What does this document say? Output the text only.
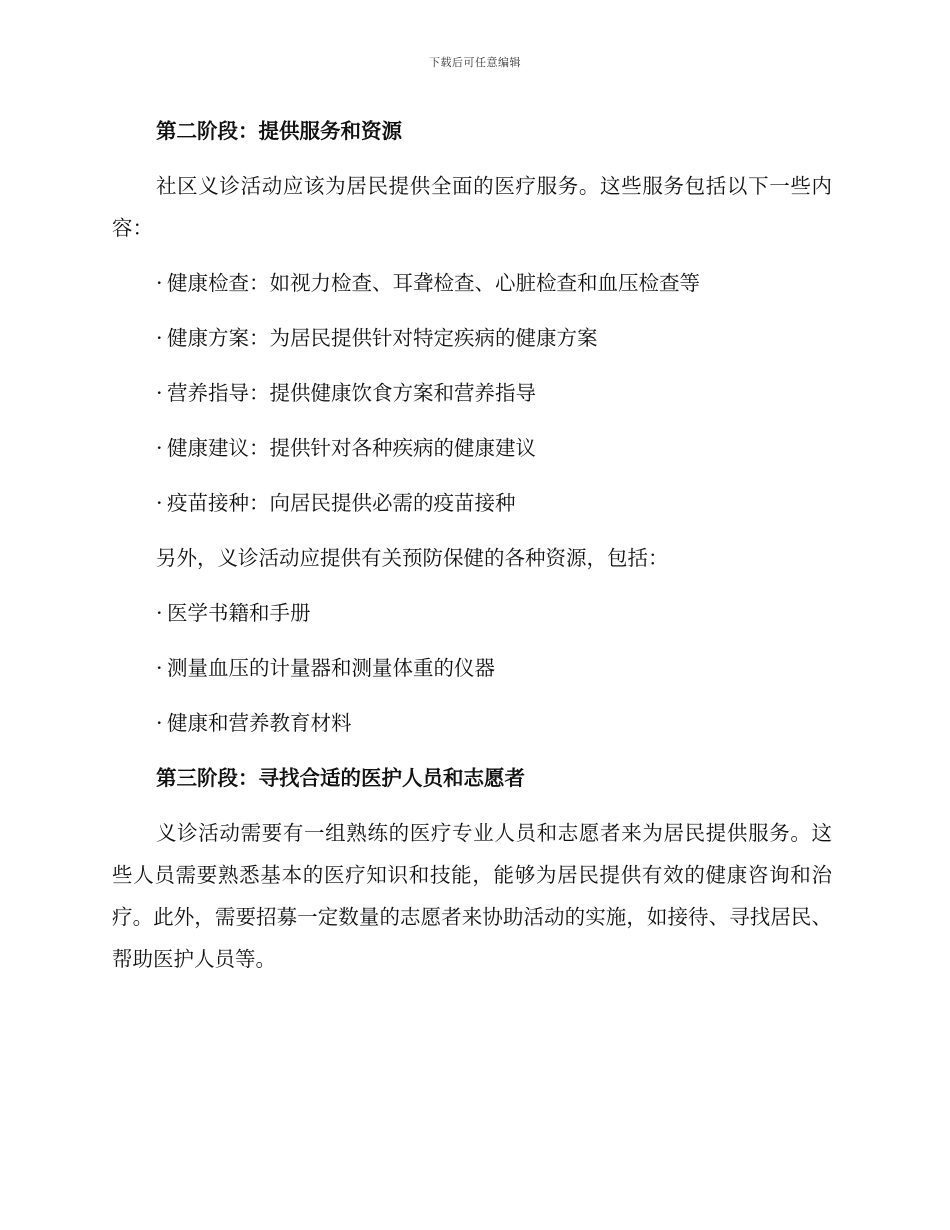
下载后可任意编辑

第二阶段：提供服务和资源

社区义诊活动应该为居民提供全面的医疗服务。这些服务包括以下一些内容：

· 健康检查：如视力检查、耳聋检查、心脏检查和血压检查等

· 健康方案：为居民提供针对特定疾病的健康方案

· 营养指导：提供健康饮食方案和营养指导

· 健康建议：提供针对各种疾病的健康建议

· 疫苗接种：向居民提供必需的疫苗接种

另外，义诊活动应提供有关预防保健的各种资源，包括：

· 医学书籍和手册

· 测量血压的计量器和测量体重的仪器

· 健康和营养教育材料

第三阶段：寻找合适的医护人员和志愿者

义诊活动需要有一组熟练的医疗专业人员和志愿者来为居民提供服务。这些人员需要熟悉基本的医疗知识和技能，能够为居民提供有效的健康咨询和治疗。此外，需要招募一定数量的志愿者来协助活动的实施，如接待、寻找居民、帮助医护人员等。
